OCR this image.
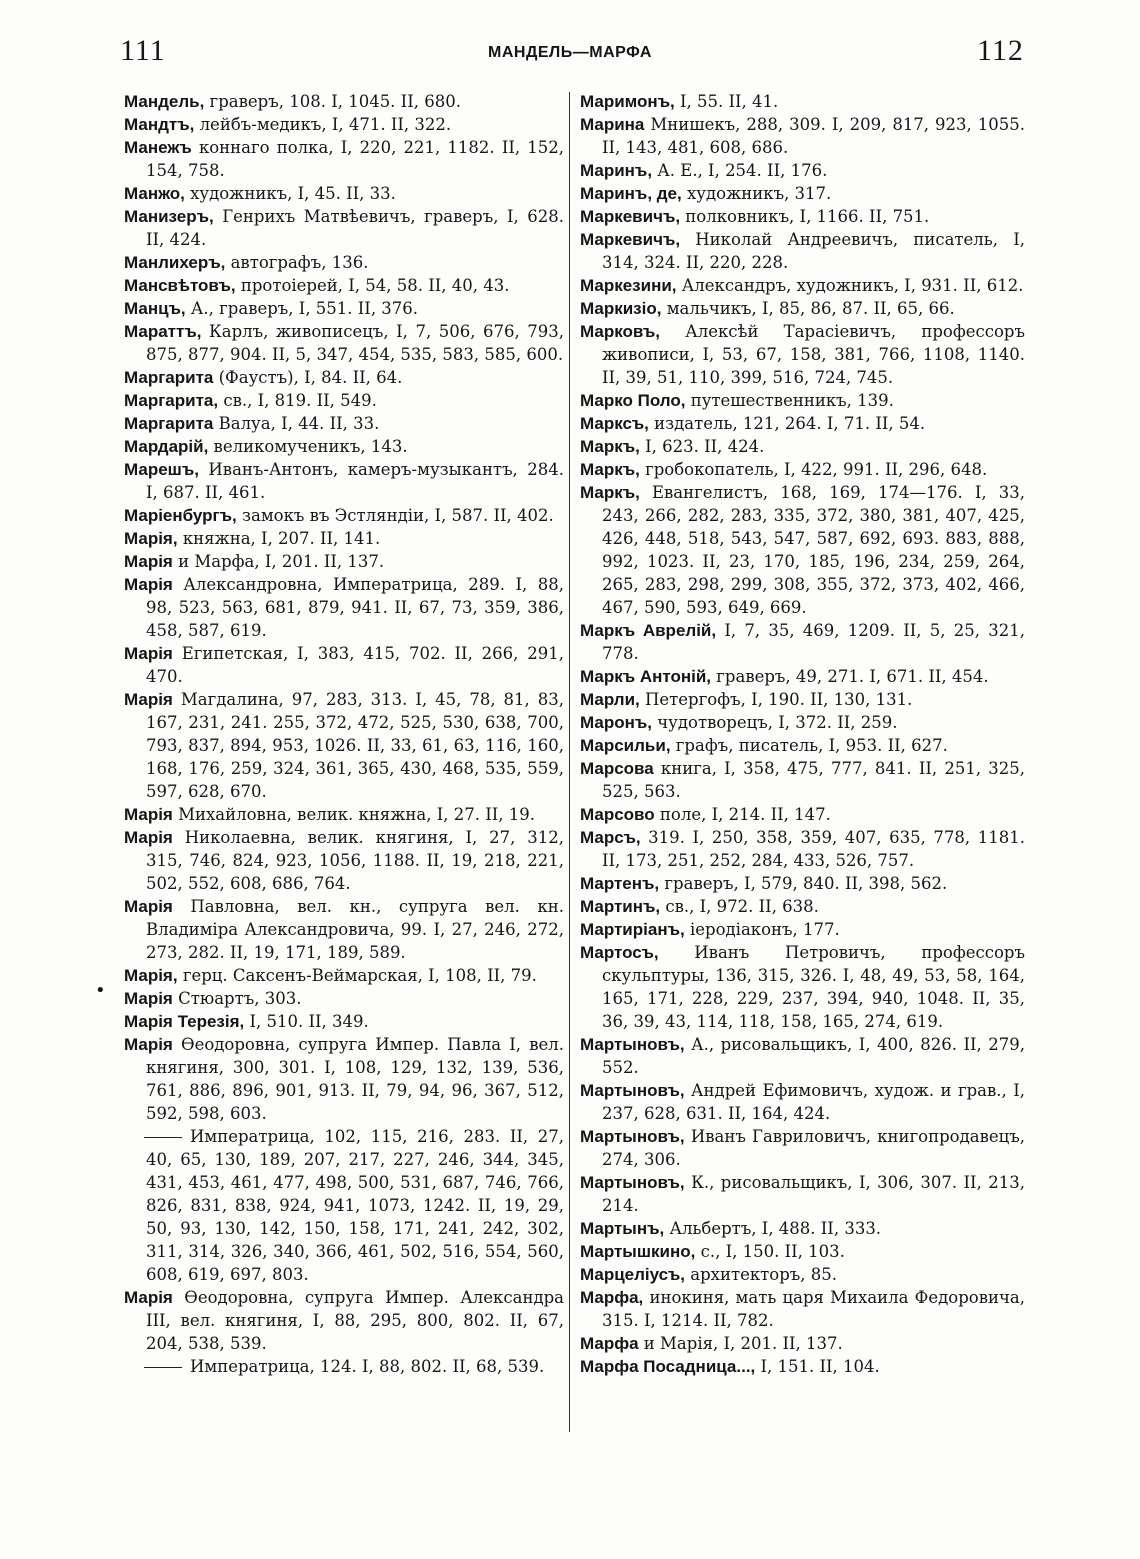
111	МАНДЕЛЬ—МАРФА	112
Мандель, граверъ, 108. I, 1045. II, 680.
Мандтъ, лейбъ-медикъ, I, 471. II, 322.
Манежъ коннаго полка, I, 220, 221, 1182. II, 152, 154, 758.
Манжо, художникъ, I, 45. II, 33.
Манизеръ, Генрихъ Матвѣевичъ, граверъ, I, 628. II, 424.
Манлихеръ, автографъ, 136.
Мансвѣтовъ, протоіерей, I, 54, 58. II, 40, 43.
Манцъ, А., граверъ, I, 551. II, 376.
Мараттъ, Карлъ, живописецъ, I, 7, 506, 676, 793, 875, 877, 904. II, 5, 347, 454, 535, 583, 585, 600.
Маргарита (Фаустъ), I, 84. II, 64.
Маргарита, св., I, 819. II, 549.
Маргарита Валуа, I, 44. II, 33.
Мардарій, великомученикъ, 143.
Марешъ, Иванъ-Антонъ, камеръ-музыкантъ, 284. I, 687. II, 461.
Маріенбургъ, замокъ въ Эстляндіи, I, 587. II, 402.
Марія, княжна, I, 207. II, 141.
Марія и Марфа, I, 201. II, 137.
Марія Александровна, Императрица, 289. I, 88, 98, 523, 563, 681, 879, 941. II, 67, 73, 359, 386, 458, 587, 619.
Марія Египетская, I, 383, 415, 702. II, 266, 291, 470.
Марія Магдалина, 97, 283, 313. I, 45, 78, 81, 83, 167, 231, 241. 255, 372, 472, 525, 530, 638, 700, 793, 837, 894, 953, 1026. II, 33, 61, 63, 116, 160, 168, 176, 259, 324, 361, 365, 430, 468, 535, 559, 597, 628, 670.
Марія Михайловна, велик. княжна, I, 27. II, 19.
Марія Николаевна, велик. княгиня, I, 27, 312, 315, 746, 824, 923, 1056, 1188. II, 19, 218, 221, 502, 552, 608, 686, 764.
Марія Павловна, вел. кн., супруга вел. кн. Владиміра Александровича, 99. I, 27, 246, 272, 273, 282. II, 19, 171, 189, 589.
Марія, герц. Саксенъ-Веймарская, I, 108, II, 79.
Марія Стюартъ, 303.
Марія Терезія, I, 510. II, 349.
Марія Өеодоровна, супруга Импер. Павла I, вел. княгиня, 300, 301. I, 108, 129, 132, 139, 536, 761, 886, 896, 901, 913. II, 79, 94, 96, 367, 512, 592, 598, 603.
Императрица, 102, 115, 216, 283. II, 27, 40, 65, 130, 189, 207, 217, 227, 246, 344, 345, 431, 453, 461, 477, 498, 500, 531, 687, 746, 766, 826, 831, 838, 924, 941, 1073, 1242. II, 19, 29, 50, 93, 130, 142, 150, 158, 171, 241, 242, 302, 311, 314, 326, 340, 366, 461, 502, 516, 554, 560, 608, 619, 697, 803.
Марія Өеодоровна, супруга Импер. Александра III, вел. княгиня, I, 88, 295, 800, 802. II, 67, 204, 538, 539.
Императрица, 124. I, 88, 802. II, 68, 539.
Маримонъ, I, 55. II, 41.
Марина Мнишекъ, 288, 309. I, 209, 817, 923, 1055. II, 143, 481, 608, 686.
Маринъ, А. Е., I, 254. II, 176.
Маринъ, де, художникъ, 317.
Маркевичъ, полковникъ, I, 1166. II, 751.
Маркевичъ, Николай Андреевичъ, писатель, I, 314, 324. II, 220, 228.
Маркезини, Александръ, художникъ, I, 931. II, 612.
Маркизіо, мальчикъ, I, 85, 86, 87. II, 65, 66.
Марковъ, Алексѣй Тарасіевичъ, профессоръ живописи, I, 53, 67, 158, 381, 766, 1108, 1140. II, 39, 51, 110, 399, 516, 724, 745.
Марко Поло, путешественникъ, 139.
Марксъ, издатель, 121, 264. I, 71. II, 54.
Маркъ, I, 623. II, 424.
Маркъ, гробокопатель, I, 422, 991. II, 296, 648.
Маркъ, Евангелистъ, 168, 169, 174—176. I, 33, 243, 266, 282, 283, 335, 372, 380, 381, 407, 425, 426, 448, 518, 543, 547, 587, 692, 693. 883, 888, 992, 1023. II, 23, 170, 185, 196, 234, 259, 264, 265, 283, 298, 299, 308, 355, 372, 373, 402, 466, 467, 590, 593, 649, 669.
Маркъ Аврелій, I, 7, 35, 469, 1209. II, 5, 25, 321, 778.
Маркъ Антоній, граверъ, 49, 271. I, 671. II, 454.
Марли, Петергофъ, I, 190. II, 130, 131.
Маронъ, чудотворецъ, I, 372. II, 259.
Марсильи, графъ, писатель, I, 953. II, 627.
Марсова книга, I, 358, 475, 777, 841. II, 251, 325, 525, 563.
Марсово поле, I, 214. II, 147.
Марсъ, 319. I, 250, 358, 359, 407, 635, 778, 1181. II, 173, 251, 252, 284, 433, 526, 757.
Мартенъ, граверъ, I, 579, 840. II, 398, 562.
Мартинъ, св., I, 972. II, 638.
Мартиріанъ, іеродіаконъ, 177.
Мартосъ, Иванъ Петровичъ, профессоръ скульптуры, 136, 315, 326. I, 48, 49, 53, 58, 164, 165, 171, 228, 229, 237, 394, 940, 1048. II, 35, 36, 39, 43, 114, 118, 158, 165, 274, 619.
Мартыновъ, А., рисовальщикъ, I, 400, 826. II, 279, 552.
Мартыновъ, Андрей Ефимовичъ, худож. и грав., I, 237, 628, 631. II, 164, 424.
Мартыновъ, Иванъ Гавриловичъ, книгопродавецъ, 274, 306.
Мартыновъ, К., рисовальщикъ, I, 306, 307. II, 213, 214.
Мартынъ, Альбертъ, I, 488. II, 333.
Мартышкино, с., I, 150. II, 103.
Марцеліусъ, архитекторъ, 85.
Марфа, инокиня, мать царя Михаила Федоровича, 315. I, 1214. II, 782.
Марфа и Марія, I, 201. II, 137.
Марфа Посадница..., I, 151. II, 104.
•
